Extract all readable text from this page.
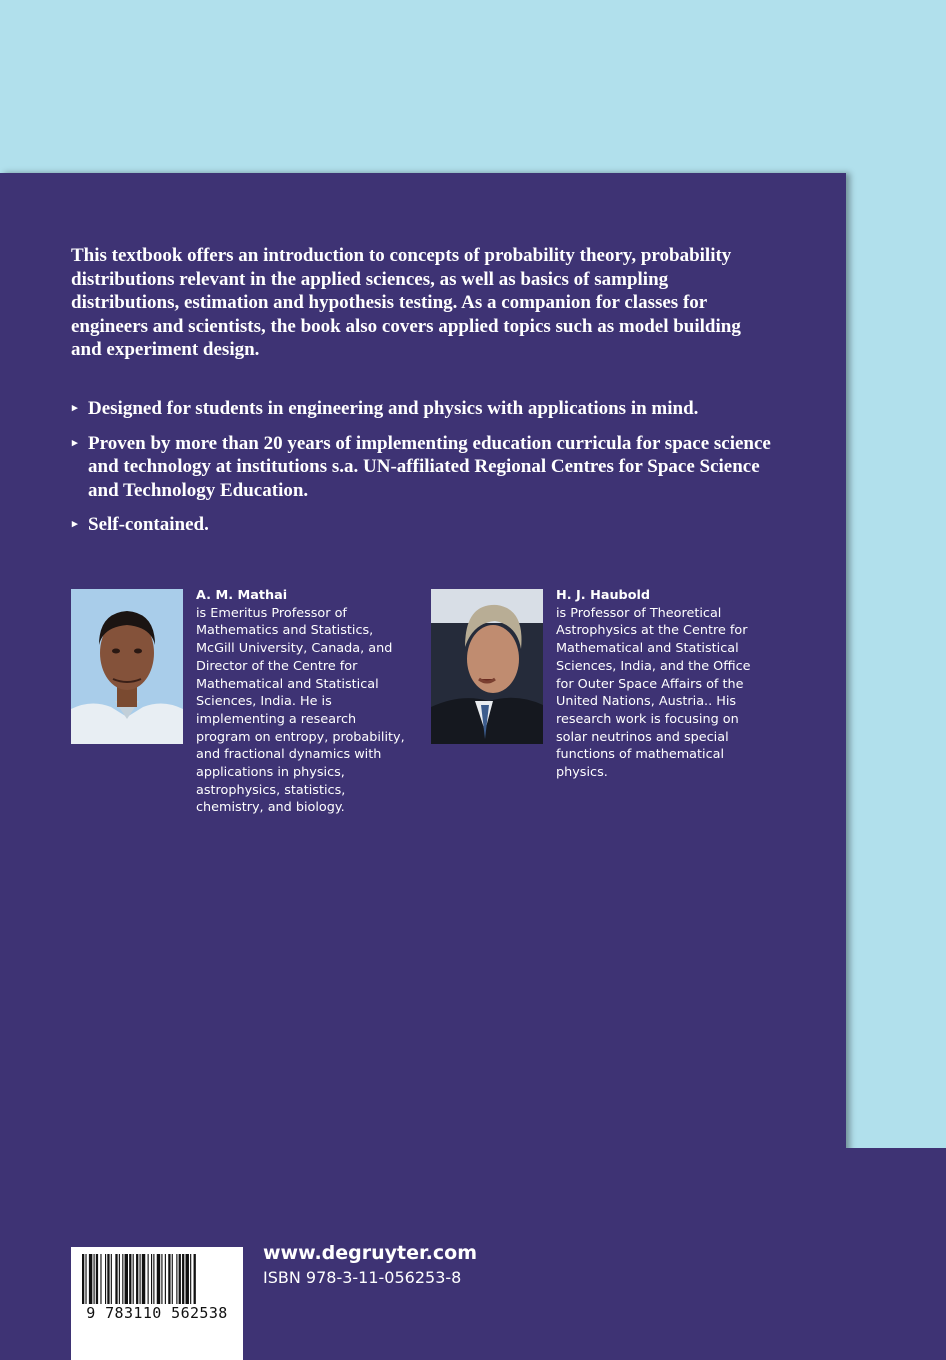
This textbook offers an introduction to concepts of probability theory, probability distributions relevant in the applied sciences, as well as basics of sampling distributions, estimation and hypothesis testing. As a companion for classes for engineers and scientists, the book also covers applied topics such as model building and experiment design.

▸ Designed for students in engineering and physics with applications in mind.
▸ Proven by more than 20 years of implementing education curricula for space science and technology at institutions s.a. UN-affiliated Regional Centres for Space Science and Technology Education.
▸ Self-contained.
A. M. Mathai
is Emeritus Professor of Mathematics and Statistics, McGill University, Canada, and Director of the Centre for Mathematical and Statistical Sciences, India. He is implementing a research program on entropy, probability, and fractional dynamics with applications in physics, astrophysics, statistics, chemistry, and biology.
H. J. Haubold
is Professor of Theoretical Astrophysics at the Centre for Mathematical and Statistical Sciences, India, and the Office for Outer Space Affairs of the United Nations, Austria.. His research work is focusing on solar neutrinos and special functions of mathematical physics.
9 783110 562538
www.degruyter.com
ISBN 978-3-11-056253-8
